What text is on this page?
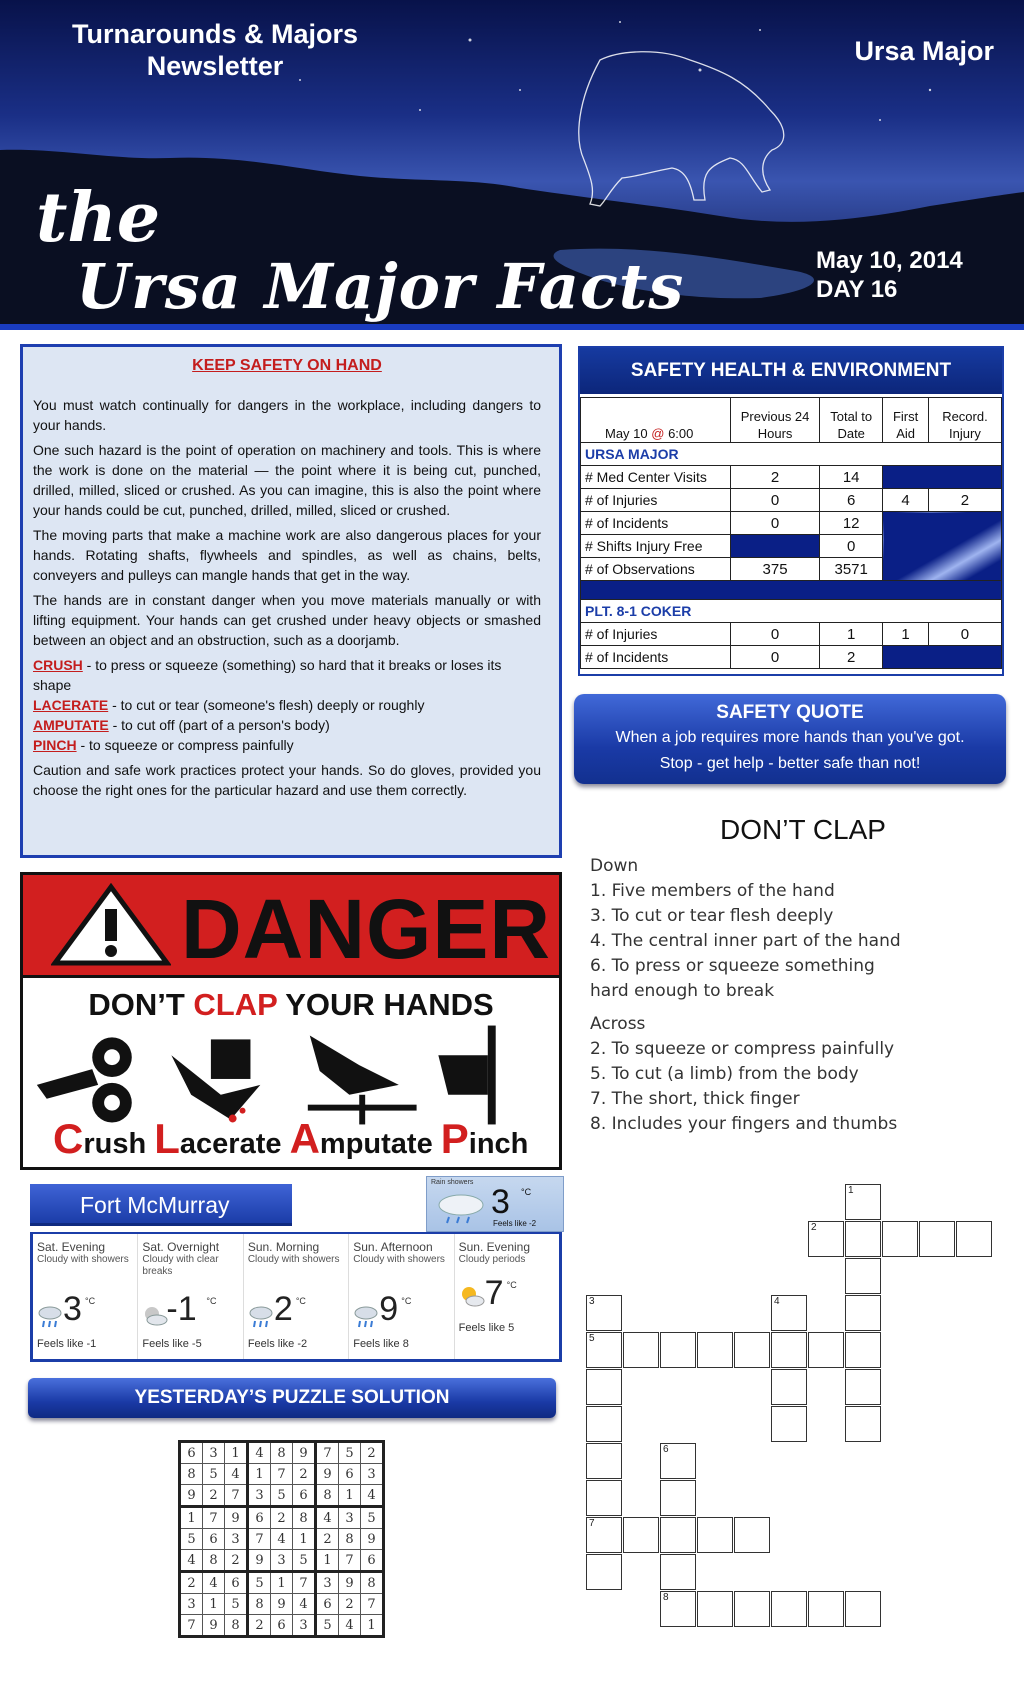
Turnarounds & Majors
Newsletter	Ursa Major
the
Ursa Major Facts	May 10, 2014
DAY 16
KEEP SAFETY ON HAND

You must watch continually for dangers in the workplace, including dangers to your hands.

One such hazard is the point of operation on machinery and tools. This is where the work is done on the material — the point where it is being cut, punched, drilled, milled, sliced or crushed. As you can imagine, this is also the point where your hands could be cut, punched, drilled, milled, sliced or crushed.

The moving parts that make a machine work are also dangerous places for your hands. Rotating shafts, flywheels and spindles, as well as chains, belts, conveyers and pulleys can mangle hands that get in the way.

The hands are in constant danger when you move materials manually or with lifting equipment. Your hands can get crushed under heavy objects or smashed between an object and an obstruction, such as a doorjamb.

CRUSH - to press or squeeze (something) so hard that it breaks or loses its shape
LACERATE - to cut or tear (someone's flesh) deeply or roughly
AMPUTATE - to cut off (part of a person's body)
PINCH - to squeeze or compress painfully

Caution and safe work practices protect your hands. So do gloves, provided you choose the right ones for the particular hazard and use them correctly.

DANGER
DON’T CLAP YOUR HANDS
Crush Lacerate Amputate Pinch
Fort McMurray
Rain showers
3 °C
Feels like -2
Sat. Evening
Cloudy with showers
3 °C
Feels like -1
Sat. Overnight
Cloudy with clear breaks
-1 °C
Feels like -5
Sun. Morning
Cloudy with showers
2 °C
Feels like -2
Sun. Afternoon
Cloudy with showers
9 °C
Feels like 8
Sun. Evening
Cloudy periods
7 °C
Feels like 5
YESTERDAY’S PUZZLE SOLUTION
6	3	1	4	8	9	7	5	2
8	5	4	1	7	2	9	6	3
9	2	7	3	5	6	8	1	4
1	7	9	6	2	8	4	3	5
5	6	3	7	4	1	2	8	9
4	8	2	9	3	5	1	7	6
2	4	6	5	1	7	3	9	8
3	1	5	8	9	4	6	2	7
7	9	8	2	6	3	5	4	1
SAFETY HEALTH & ENVIRONMENT
May 10 @ 6:00	Previous 24 Hours	Total to Date	First Aid	Record. Injury
URSA MAJOR				
# Med Center Visits	2	14		
# of Injuries	0	6	4	2
# of Incidents	0	12		
# Shifts Injury Free		0		
# of Observations	375	3571		

PLT. 8-1 COKER				
# of Injuries	0	1	1	0
# of Incidents	0	2		
SAFETY QUOTE
When a job requires more hands than you've got.
Stop - get help - better safe than not!
DON’T CLAP
Down
1. Five members of the hand
3. To cut or tear flesh deeply
4. The central inner part of the hand
6. To press or squeeze something
hard enough to break
Across
2. To squeeze or compress painfully
5. To cut (a limb) from the body
7. The short, thick finger
8. Includes your fingers and thumbs
1
2
3
5
7
4
6
8
